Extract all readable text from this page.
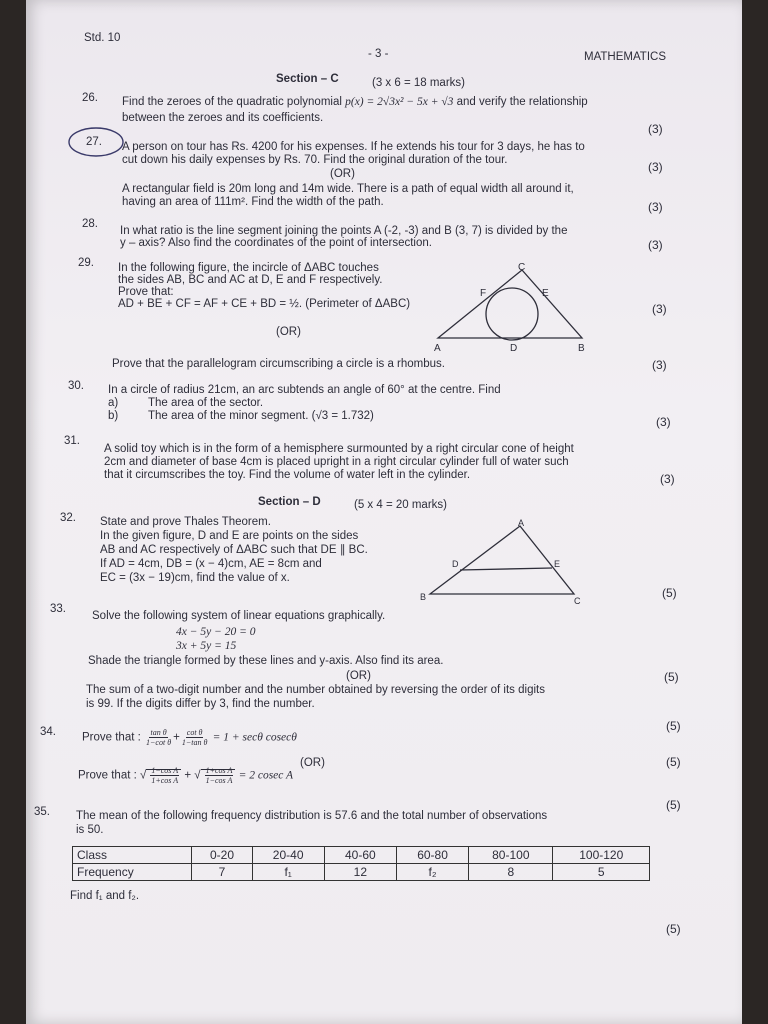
Std. 10
- 3 -	MATHEMATICS
Section – C	(3 x 6 = 18 marks)
26. Find the zeroes of the quadratic polynomial p(x) = 2√3x² − 5x + √3 and verify the relationship
between the zeroes and its coefficients.
(3)
27. A person on tour has Rs. 4200 for his expenses. If he extends his tour for 3 days, he has to
cut down his daily expenses by Rs. 70. Find the original duration of the tour.	(3)
(OR)
A rectangular field is 20m long and 14m wide. There is a path of equal width all around it,
having an area of 111m². Find the width of the path.	(3)
28.
In what ratio is the line segment joining the points A (-2, -3) and B (3, 7) is divided by the
y – axis? Also find the coordinates of the point of intersection.	(3)
29. In the following figure, the incircle of ΔABC touches
the sides AB, BC and AC at D, E and F respectively.
Prove that:
AD + BE + CF = AF + CE + BD = ½. (Perimeter of ΔABC)
(OR)
(3)
C
F	E
A	D	B
Prove that the parallelogram circumscribing a circle is a rhombus.	(3)
30. In a circle of radius 21cm, an arc subtends an angle of 60° at the centre. Find
a)	The area of the sector.
b)	The area of the minor segment. (√3 = 1.732)	(3)
31.
A solid toy which is in the form of a hemisphere surmounted by a right circular cone of height
2cm and diameter of base 4cm is placed upright in a right circular cylinder full of water such
that it circumscribes the toy. Find the volume of water left in the cylinder.	(3)
Section – D	(5 x 4 = 20 marks)
32. State and prove Thales Theorem.
In the given figure, D and E are points on the sides
AB and AC respectively of ΔABC such that DE ∥ BC.
If AD = 4cm, DB = (x − 4)cm, AE = 8cm and
EC = (3x − 19)cm, find the value of x.
(5)
A
D	E
B	C
33.
Solve the following system of linear equations graphically.
4x − 5y − 20 = 0
3x + 5y = 15
Shade the triangle formed by these lines and y-axis. Also find its area.
(OR)	(5)
The sum of a two-digit number and the number obtained by reversing the order of its digits
is 99. If the digits differ by 3, find the number.
(5)
34. Prove that : $\frac{\text{tan θ}}{\text{1−cot θ}} + \frac{\text{cot θ}}{\text{1−tan θ}} = 1 + \sec\theta$ cosecθ
(OR)	(5)
Prove that : √ $\frac{\text{1−cos A}}{\text{1+cos A}}$ + √ $\frac{\text{1+cos A}}{\text{1−cos A}} = 2$ cosec A
(5)
35. The mean of the following frequency distribution is 57.6 and the total number of observations
is 50.
Class	0-20	20-40	40-60	60-80	80-100	100-120
Frequency	7	f₁	12	f₂	8	5
Find f₁ and f₂.
(5)
